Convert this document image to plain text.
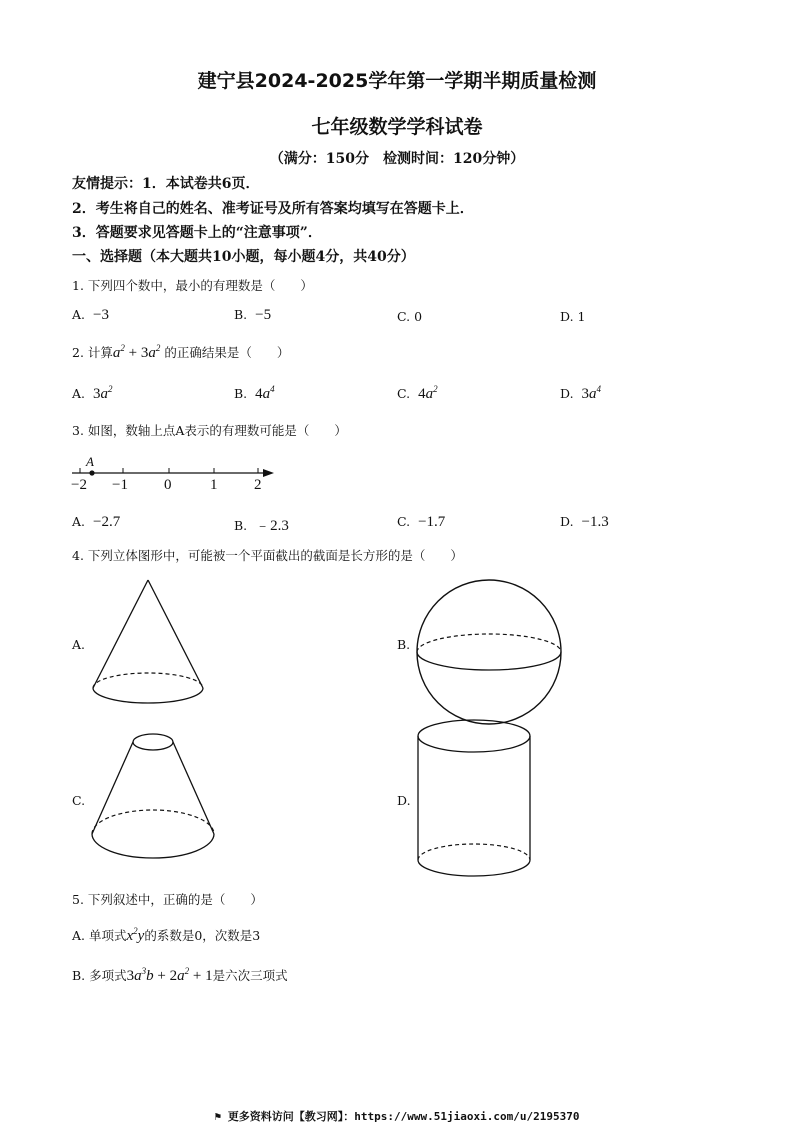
建宁县2024-2025学年第一学期半期质量检测
七年级数学学科试卷
（满分：150分　检测时间：120分钟）
友情提示：1．本试卷共6页．
2．考生将自己的姓名、准考证号及所有答案均填写在答题卡上．
3．答题要求见答题卡上的“注意事项”．
一、选择题（本大题共10小题，每小题4分，共40分）
1. 下列四个数中，最小的有理数是（　　）
A. −3	B. −5	C. 0	D. 1
2. 计算$a^2 + 3a^2$ 的正确结果是（　　）
A. $3a^2$	B. $4a^4$	C. $4a^2$	D. $3a^4$
3. 如图，数轴上点A表示的有理数可能是（　　）
A
−2 −1 0	1 2
A. −2.7	B. ﹣2.3	C. −1.7	D. −1.3
4. 下列立体图形中，可能被一个平面截出的截面是长方形的是（　　）
A.	B.
C.	D.
5. 下列叙述中，正确的是（　　）
A. 单项式$x^2y$的系数是0，次数是3
B. 多项式$3a^3b + 2a^2 + 1$是六次三项式
⚑ 更多资料访问【教习网】：https://www.51jiaoxi.com/u/2195370
